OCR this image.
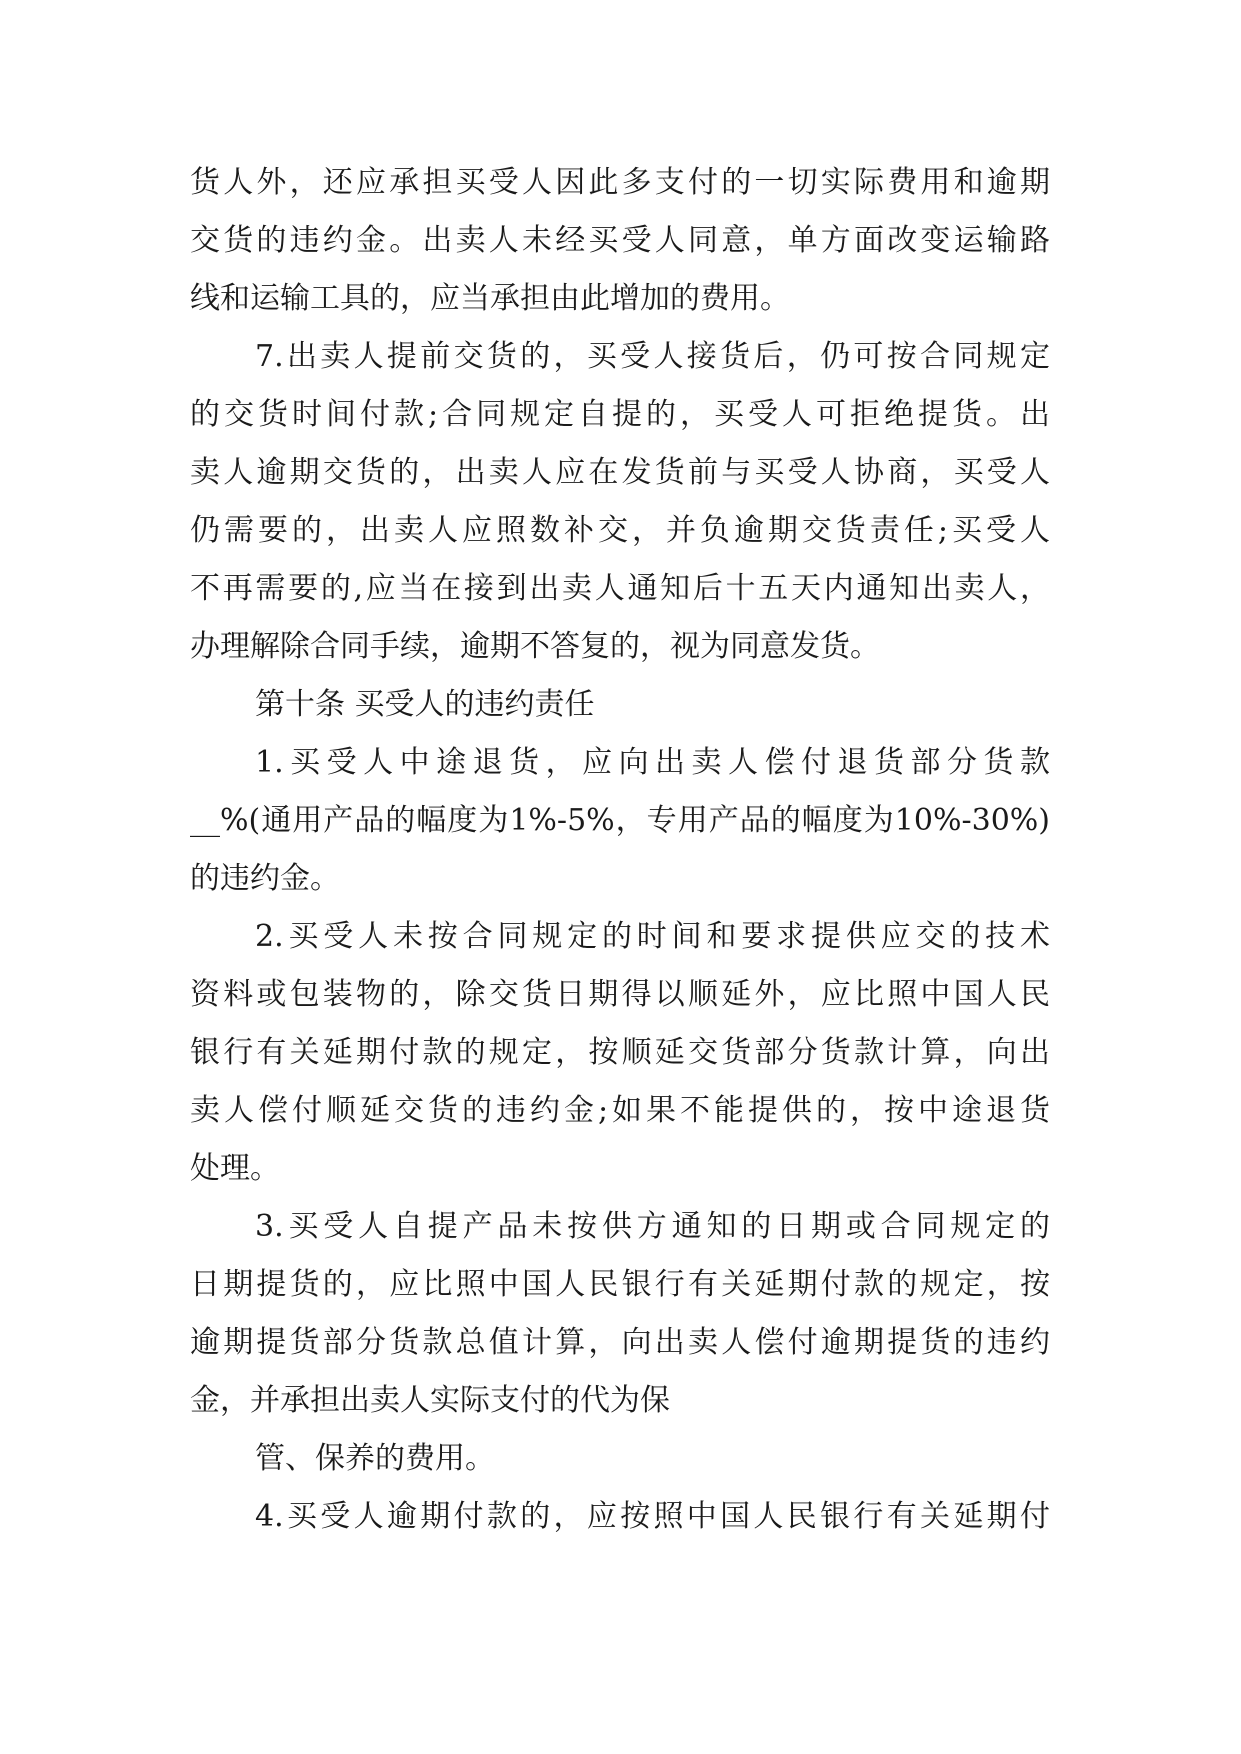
货人外，还应承担买受人因此多支付的一切实际费用和逾期
交货的违约金。出卖人未经买受人同意，单方面改变运输路
线和运输工具的，应当承担由此增加的费用。
7.出卖人提前交货的，买受人接货后，仍可按合同规定
的交货时间付款;合同规定自提的，买受人可拒绝提货。出
卖人逾期交货的，出卖人应在发货前与买受人协商，买受人
仍需要的，出卖人应照数补交，并负逾期交货责任;买受人
不再需要的,应当在接到出卖人通知后十五天内通知出卖人，
办理解除合同手续，逾期不答复的，视为同意发货。
第十条 买受人的违约责任
1.买受人中途退货，应向出卖人偿付退货部分货款
__%(通用产品的幅度为1%-5%，专用产品的幅度为10%-30%)
的违约金。
2.买受人未按合同规定的时间和要求提供应交的技术
资料或包装物的，除交货日期得以顺延外，应比照中国人民
银行有关延期付款的规定，按顺延交货部分货款计算，向出
卖人偿付顺延交货的违约金;如果不能提供的，按中途退货
处理。
3.买受人自提产品未按供方通知的日期或合同规定的
日期提货的，应比照中国人民银行有关延期付款的规定，按
逾期提货部分货款总值计算，向出卖人偿付逾期提货的违约
金，并承担出卖人实际支付的代为保
管、保养的费用。
4.买受人逾期付款的，应按照中国人民银行有关延期付
